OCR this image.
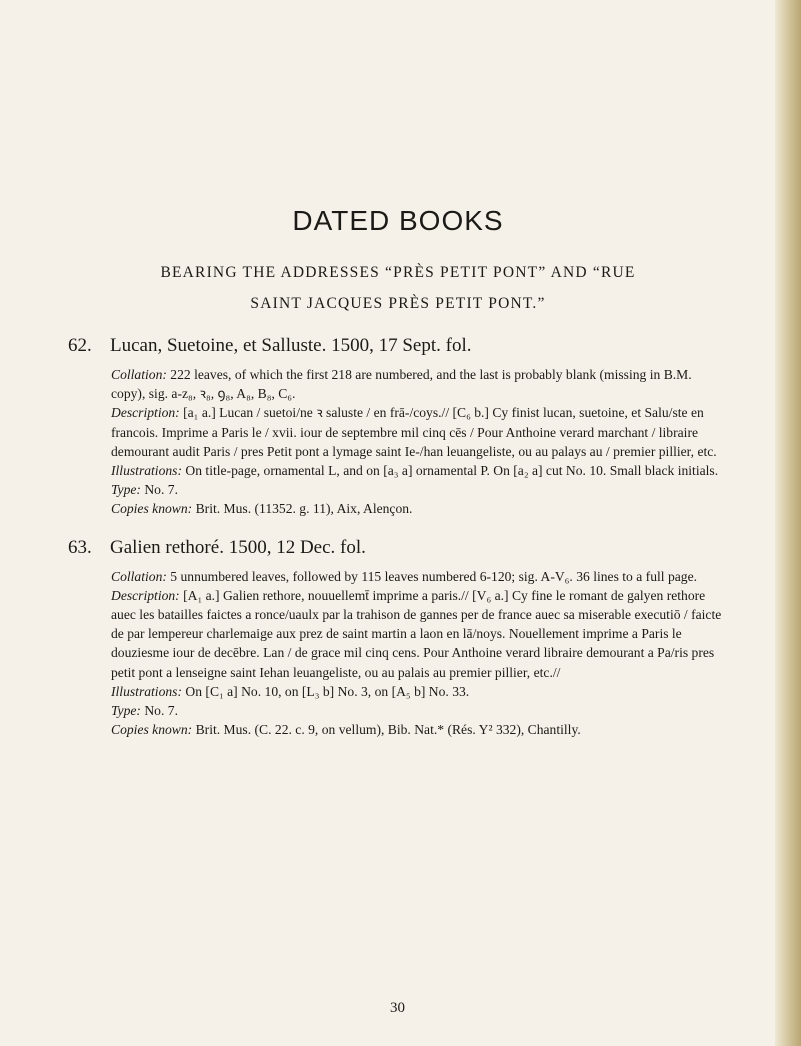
DATED BOOKS
BEARING THE ADDRESSES “PRÈS PETIT PONT” AND “RUE
SAINT JACQUES PRÈS PETIT PONT.”
62. Lucan, Suetoine, et Salluste. 1500, 17 Sept. fol.

Collation: 222 leaves, of which the first 218 are numbered, and the last is probably blank (missing in B.M. copy), sig. a-z₈, ꝛ₈, ꝯ₈, A₈, B₈, C₆.

Description: [a₁ a.] Lucan / suetoi/ne ꝛ saluste / en frā-/coys.// [C₆ b.] Cy finist lucan, suetoine, et Salu/ste en francois. Imprime a Paris le / xvii. iour de septembre mil cinq cēs / Pour Anthoine verard marchant / libraire demourant audit Paris / pres Petit pont a lymage saint Ie-/han leuangeliste, ou au palays au / premier pillier, etc.

Illustrations: On title-page, ornamental L, and on [a₃ a] ornamental P. On [a₂ a] cut No. 10. Small black initials.

Type: No. 7.

Copies known: Brit. Mus. (11352. g. 11), Aix, Alençon.

63. Galien rethoré. 1500, 12 Dec. fol.

Collation: 5 unnumbered leaves, followed by 115 leaves numbered 6-120; sig. A-V₆. 36 lines to a full page.

Description: [A₁ a.] Galien rethore, nouuellemt̄ imprime a paris.// [V₆ a.] Cy fine le romant de galyen rethore auec les batailles faictes a ronce/uaulx par la trahison de gannes per de france auec sa miserable executiō / faicte de par lempereur charlemaige aux prez de saint martin a laon en lā/noys. Nouellement imprime a Paris le douziesme iour de decēbre. Lan / de grace mil cinq cens. Pour Anthoine verard libraire demourant a Pa/ris pres petit pont a lenseigne saint Iehan leuangeliste, ou au palais au premier pillier, etc.//

Illustrations: On [C₁ a] No. 10, on [L₃ b] No. 3, on [A₅ b] No. 33.

Type: No. 7.

Copies known: Brit. Mus. (C. 22. c. 9, on vellum), Bib. Nat.* (Rés. Y² 332), Chantilly.

30
